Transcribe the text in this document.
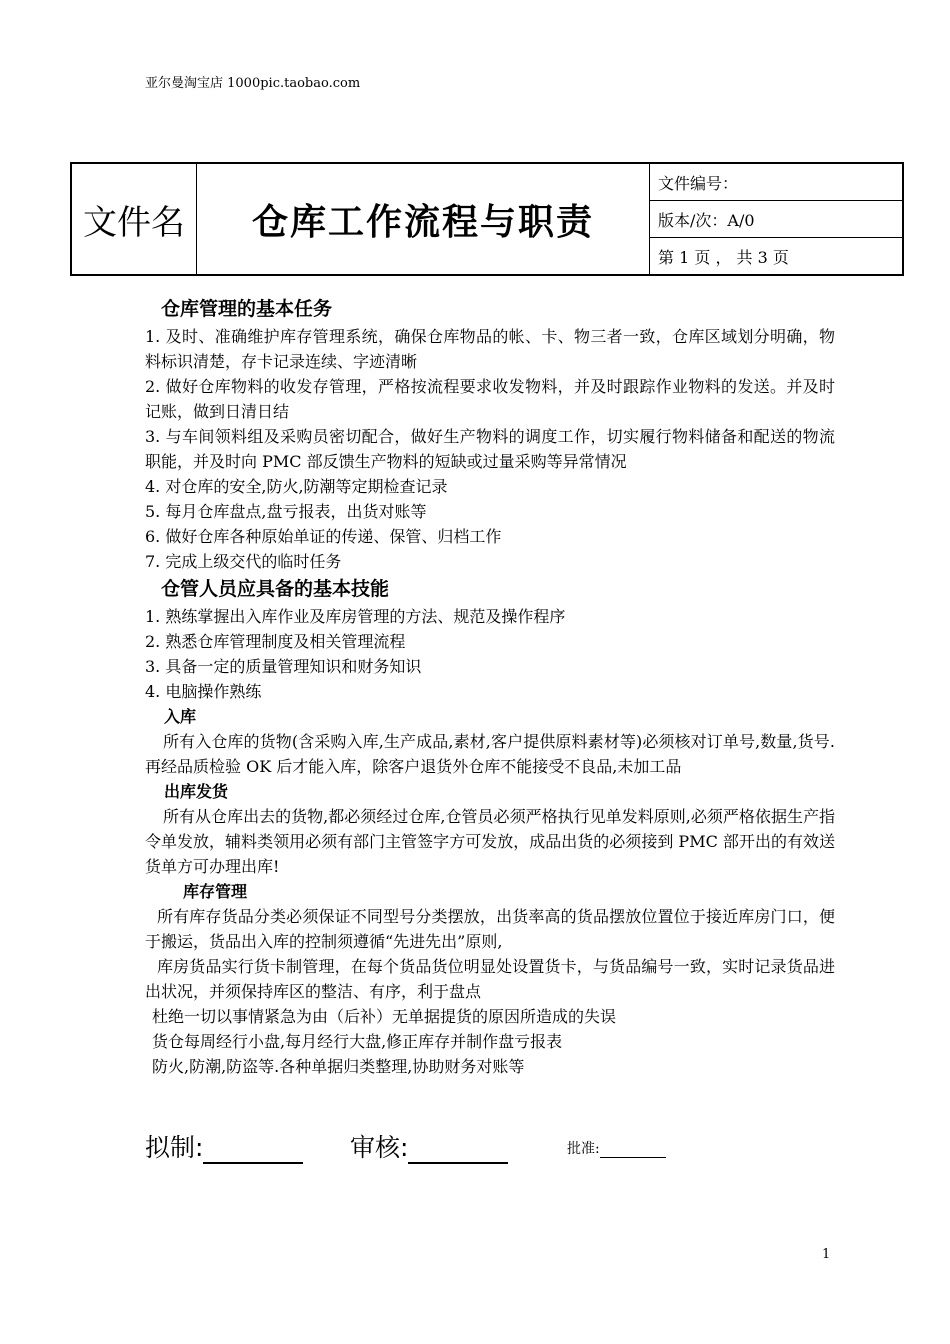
亚尔曼淘宝店 1000pic.taobao.com
文件名	仓库工作流程与职责	文件编号：
版本/次：A/0
第 1 页 ， 共 3 页

仓库管理的基本任务

1. 及时、准确维护库存管理系统，确保仓库物品的帐、卡、物三者一致，仓库区域划分明确，物料标识清楚，存卡记录连续、字迹清晰

2. 做好仓库物料的收发存管理，严格按流程要求收发物料，并及时跟踪作业物料的发送。并及时记账，做到日清日结

3. 与车间领料组及采购员密切配合，做好生产物料的调度工作，切实履行物料储备和配送的物流职能，并及时向 PMC 部反馈生产物料的短缺或过量采购等异常情况

4. 对仓库的安全,防火,防潮等定期检查记录

5. 每月仓库盘点,盘亏报表，出货对账等

6. 做好仓库各种原始单证的传递、保管、归档工作

7. 完成上级交代的临时任务

仓管人员应具备的基本技能

1. 熟练掌握出入库作业及库房管理的方法、规范及操作程序

2. 熟悉仓库管理制度及相关管理流程

3. 具备一定的质量管理知识和财务知识

4. 电脑操作熟练

入库

所有入仓库的货物(含采购入库,生产成品,素材,客户提供原料素材等)必须核对订单号,数量,货号.再经品质检验 OK 后才能入库，除客户退货外仓库不能接受不良品,未加工品

出库发货

所有从仓库出去的货物,都必须经过仓库,仓管员必须严格执行见单发料原则,必须严格依据生产指令单发放，辅料类领用必须有部门主管签字方可发放，成品出货的必须接到 PMC 部开出的有效送货单方可办理出库!

库存管理

所有库存货品分类必须保证不同型号分类摆放，出货率高的货品摆放位置位于接近库房门口，便于搬运，货品出入库的控制须遵循“先进先出”原则,

库房货品实行货卡制管理，在每个货品货位明显处设置货卡，与货品编号一致，实时记录货品进出状况，并须保持库区的整洁、有序，利于盘点

杜绝一切以事情紧急为由（后补）无单据提货的原因所造成的失误

货仓每周经行小盘,每月经行大盘,修正库存并制作盘亏报表

防火,防潮,防盗等.各种单据归类整理,协助财务对账等

拟制:	审核:	批准:
1
